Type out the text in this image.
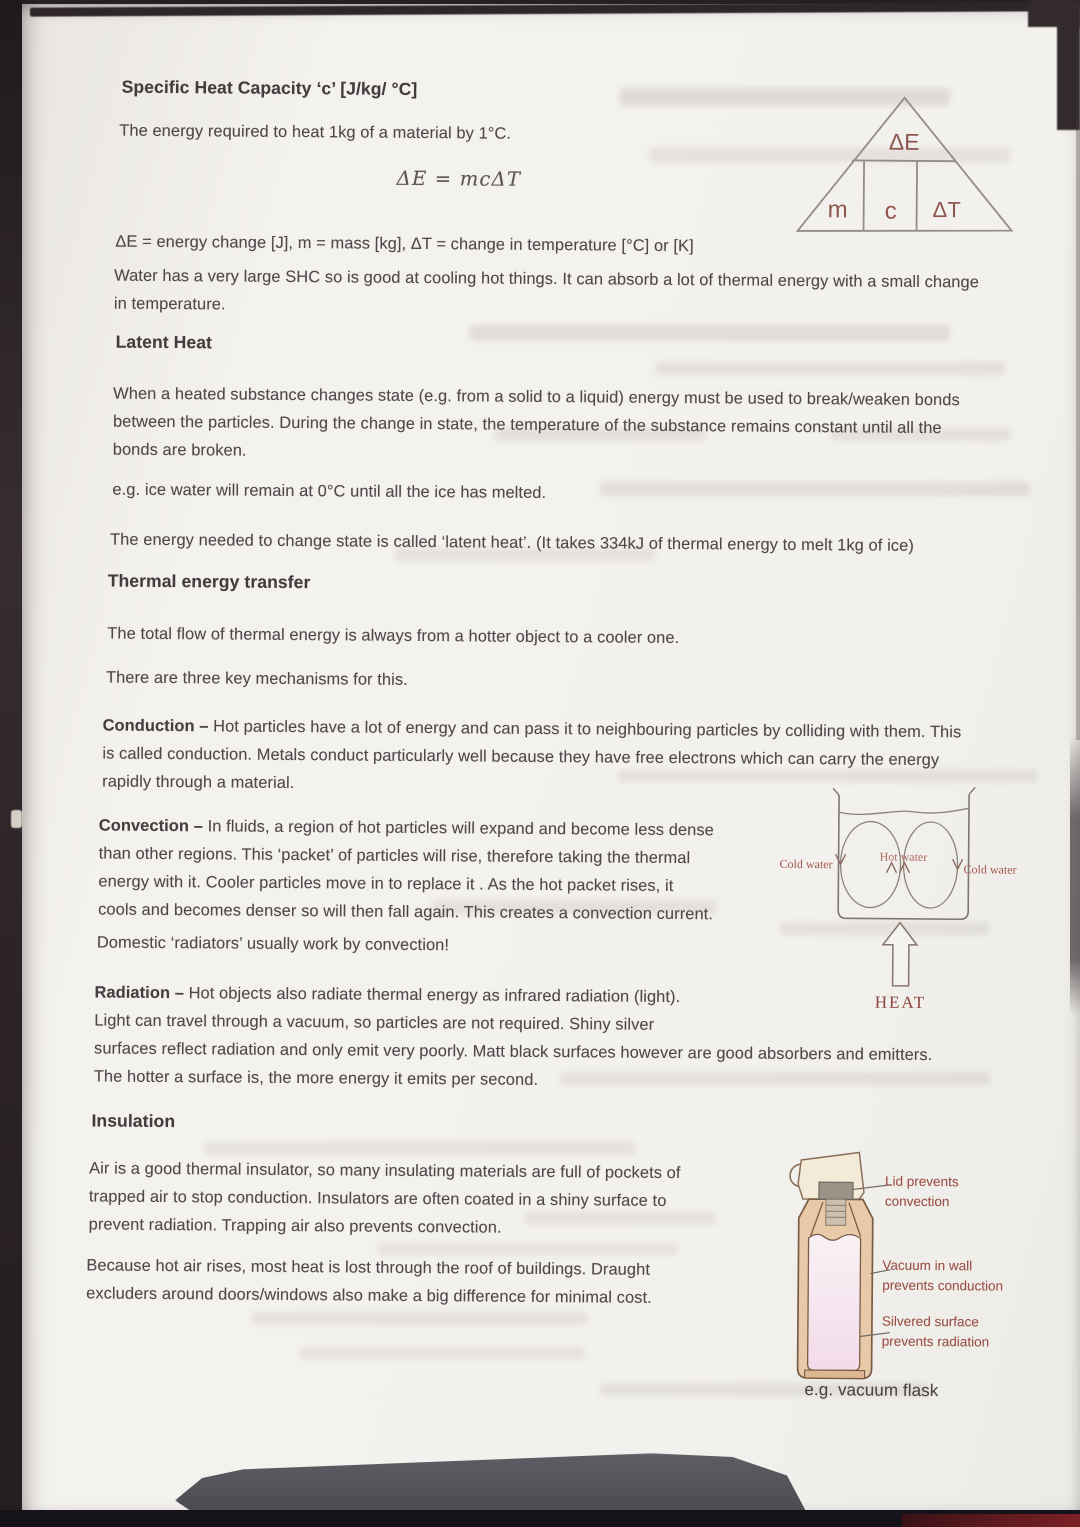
Specific Heat Capacity ‘c’ [J/kg/ °C]
The energy required to heat 1kg of a material by 1°C.
ΔE = mcΔT
ΔE
m c ΔT
ΔE = energy change [J], m = mass [kg], ΔT = change in temperature [°C] or [K]
Water has a very large SHC so is good at cooling hot things. It can absorb a lot of thermal energy with a small change
in temperature.
Latent Heat
When a heated substance changes state (e.g. from a solid to a liquid) energy must be used to break/weaken bonds
between the particles. During the change in state, the temperature of the substance remains constant until all the
bonds are broken.
e.g. ice water will remain at 0°C until all the ice has melted.
The energy needed to change state is called ‘latent heat’. (It takes 334kJ of thermal energy to melt 1kg of ice)
Thermal energy transfer
The total flow of thermal energy is always from a hotter object to a cooler one.
There are three key mechanisms for this.
Conduction – Hot particles have a lot of energy and can pass it to neighbouring particles by colliding with them. This
is called conduction. Metals conduct particularly well because they have free electrons which can carry the energy
rapidly through a material.
Convection – In fluids, a region of hot particles will expand and become less dense
than other regions. This ‘packet’ of particles will rise, therefore taking the thermal
energy with it. Cooler particles move in to replace it . As the hot packet rises, it
cools and becomes denser so will then fall again. This creates a convection current.
Cold water
Hot water
Cold water
HEAT
Domestic ‘radiators’ usually work by convection!
Radiation – Hot objects also radiate thermal energy as infrared radiation (light).
Light can travel through a vacuum, so particles are not required. Shiny silver
surfaces reflect radiation and only emit very poorly. Matt black surfaces however are good absorbers and emitters.
The hotter a surface is, the more energy it emits per second.
Insulation
Air is a good thermal insulator, so many insulating materials are full of pockets of
trapped air to stop conduction. Insulators are often coated in a shiny surface to
prevent radiation. Trapping air also prevents convection.
Because hot air rises, most heat is lost through the roof of buildings. Draught
excluders around doors/windows also make a big difference for minimal cost.
Lid prevents
convection
Vacuum in wall
prevents conduction
Silvered surface
prevents radiation
e.g. vacuum flask
